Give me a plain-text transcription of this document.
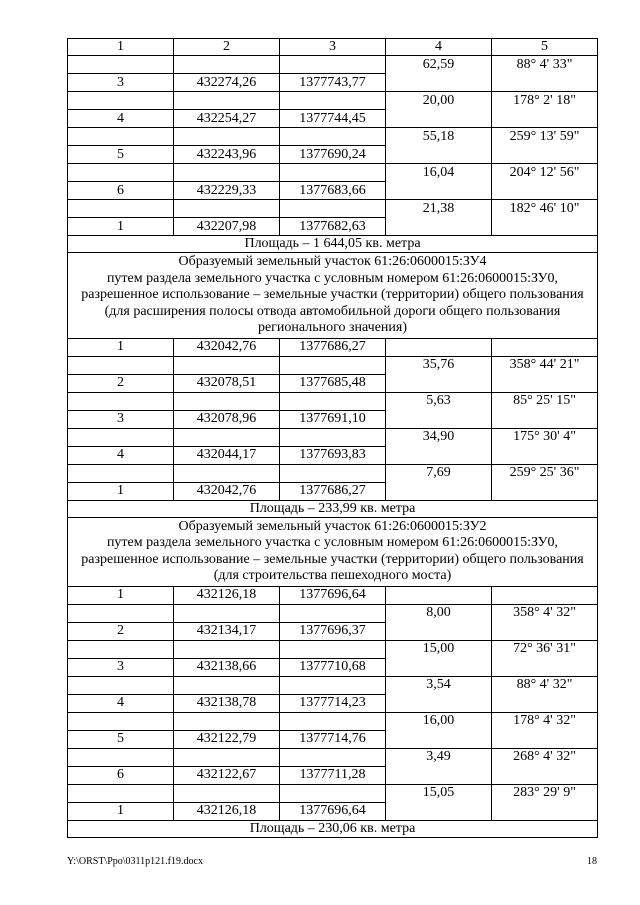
1	2	3	4	5
			62,59	88° 4' 33"
3	432274,26	1377743,77		
			20,00	178° 2' 18"
4	432254,27	1377744,45		
			55,18	259° 13' 59"
5	432243,96	1377690,24		
			16,04	204° 12' 56"
6	432229,33	1377683,66		
			21,38	182° 46' 10"
1	432207,98	1377682,63		
Площадь – 1 644,05 кв. метра				

Образуемый земельный участок 61:26:0600015:ЗУ4
путем раздела земельного участка с условным номером 61:26:0600015:ЗУ0,
разрешенное использование – земельные участки (территории) общего пользования
(для расширения полосы отвода автомобильной дороги общего пользования
регионального значения)				

1	432042,76	1377686,27		
			35,76	358° 44' 21"
2	432078,51	1377685,48		
			5,63	85° 25' 15"
3	432078,96	1377691,10		
			34,90	175° 30' 4"
4	432044,17	1377693,83		
			7,69	259° 25' 36"
1	432042,76	1377686,27		
Площадь – 233,99 кв. метра				

Образуемый земельный участок 61:26:0600015:ЗУ2
путем раздела земельного участка с условным номером 61:26:0600015:ЗУ0,
разрешенное использование – земельные участки (территории) общего пользования
(для строительства пешеходного моста)				

1	432126,18	1377696,64		
			8,00	358° 4' 32"
2	432134,17	1377696,37		
			15,00	72° 36' 31"
3	432138,66	1377710,68		
			3,54	88° 4' 32"
4	432138,78	1377714,23		
			16,00	178° 4' 32"
5	432122,79	1377714,76		
			3,49	268° 4' 32"
6	432122,67	1377711,28		
			15,05	283° 29' 9"
1	432126,18	1377696,64		
Площадь – 230,06 кв. метра				
Y:\ORST\Ppo\0311p121.f19.docx	18
